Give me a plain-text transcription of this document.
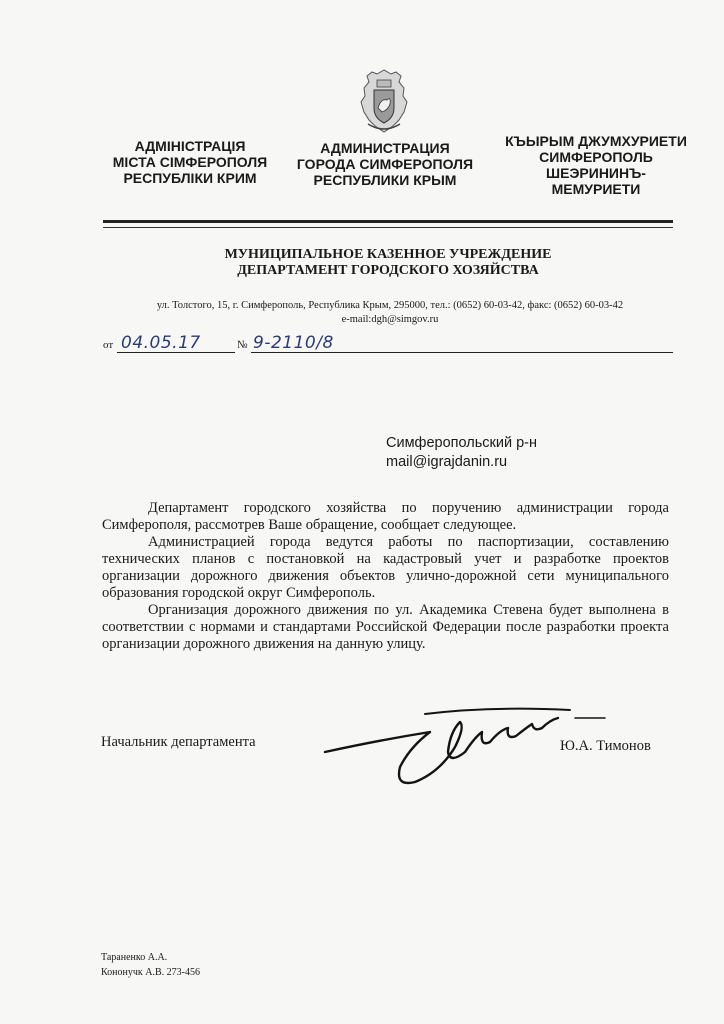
АДМІНІСТРАЦІЯ
МІСТА СІМФЕРОПОЛЯ
РЕСПУБЛІКИ КРИМ
АДМИНИСТРАЦИЯ
ГОРОДА СИМФЕРОПОЛЯ
РЕСПУБЛИКИ КРЫМ
КЪЫРЫМ ДЖУМХУРИЕТИ
СИМФЕРОПОЛЬ
ШЕЭРИНИНЪ-
МЕМУРИЕТИ
МУНИЦИПАЛЬНОЕ КАЗЕННОЕ УЧРЕЖДЕНИЕ
ДЕПАРТАМЕНТ ГОРОДСКОГО ХОЗЯЙСТВА
ул. Толстого, 15, г. Симферополь, Республика Крым, 295000, тел.: (0652) 60-03-42, факс: (0652) 60-03-42
e-mail:dgh@simgov.ru
от 04.05.17	№ 9-2110/8
Симферопольский р-н
mail@igrajdanin.ru

Департамент городского хозяйства по поручению администрации города Симферополя, рассмотрев Ваше обращение, сообщает следующее.

Администрацией города ведутся работы по паспортизации, составлению технических планов с постановкой на кадастровый учет и разработке проектов организации дорожного движения объектов улично-дорожной сети муниципального образования городской округ Симферополь.

Организация дорожного движения по ул. Академика Стевена будет выполнена в соответствии с нормами и стандартами Российской Федерации после разработки проекта организации дорожного движения на данную улицу.

Начальник департамента	Ю.А. Тимонов
Тараненко А.А.
Кононучк А.В. 273-456
